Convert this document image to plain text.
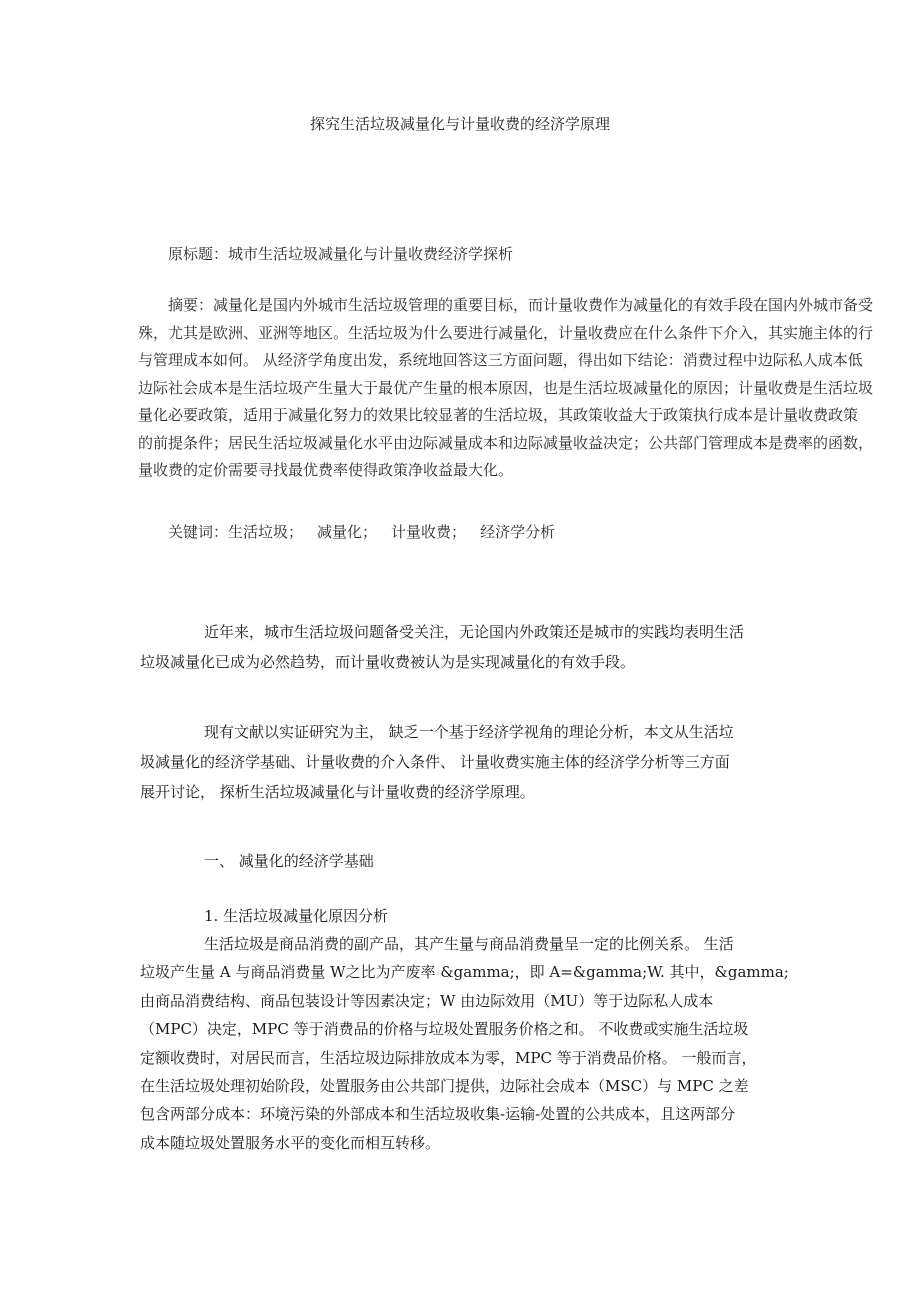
探究生活垃圾减量化与计量收费的经济学原理
原标题：城市生活垃圾减量化与计量收费经济学探析
摘要：减量化是国内外城市生活垃圾管理的重要目标，而计量收费作为减量化的有效手段在国内外城市备受
殊，尤其是欧洲、亚洲等地区。生活垃圾为什么要进行减量化，计量收费应在什么条件下介入，其实施主体的行
与管理成本如何。 从经济学角度出发，系统地回答这三方面问题，得出如下结论：消费过程中边际私人成本低
边际社会成本是生活垃圾产生量大于最优产生量的根本原因，也是生活垃圾减量化的原因；计量收费是生活垃圾
量化必要政策，适用于减量化努力的效果比较显著的生活垃圾，其政策收益大于政策执行成本是计量收费政策
的前提条件；居民生活垃圾减量化水平由边际减量成本和边际减量收益决定；公共部门管理成本是费率的函数，
量收费的定价需要寻找最优费率使得政策净收益最大化。
关键词：生活垃圾； 减量化； 计量收费； 经济学分析
近年来，城市生活垃圾问题备受关注，无论国内外政策还是城市的实践均表明生活
垃圾减量化已成为必然趋势，而计量收费被认为是实现减量化的有效手段。
现有文献以实证研究为主， 缺乏一个基于经济学视角的理论分析，本文从生活垃
圾减量化的经济学基础、计量收费的介入条件、 计量收费实施主体的经济学分析等三方面
展开讨论， 探析生活垃圾减量化与计量收费的经济学原理。
一、 减量化的经济学基础
1. 生活垃圾减量化原因分析
生活垃圾是商品消费的副产品，其产生量与商品消费量呈一定的比例关系。 生活
垃圾产生量 A 与商品消费量 W之比为产废率 &gamma;，即 A=&gamma;W. 其中，&gamma;
由商品消费结构、商品包装设计等因素决定；W 由边际效用（MU）等于边际私人成本
（MPC）决定，MPC 等于消费品的价格与垃圾处置服务价格之和。 不收费或实施生活垃圾
定额收费时，对居民而言，生活垃圾边际排放成本为零，MPC 等于消费品价格。 一般而言，
在生活垃圾处理初始阶段，处置服务由公共部门提供，边际社会成本（MSC）与 MPC 之差
包含两部分成本：环境污染的外部成本和生活垃圾收集-运输-处置的公共成本，且这两部分
成本随垃圾处置服务水平的变化而相互转移。
